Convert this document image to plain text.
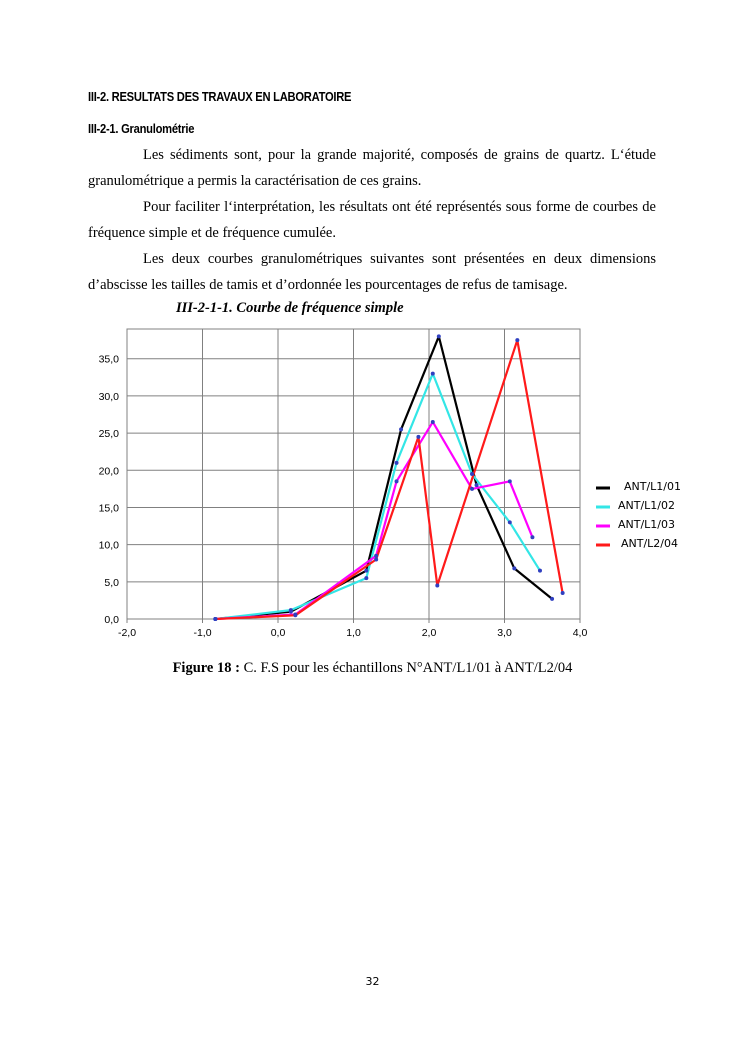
III-2. RESULTATS DES TRAVAUX EN LABORATOIRE
III-2-1. Granulométrie

Les sédiments sont, pour la grande majorité, composés de grains de quartz. L‘étude granulométrique a permis la caractérisation de ces grains.

Pour faciliter l‘interprétation, les résultats ont été représentés sous forme de courbes de fréquence simple et de fréquence cumulée.

Les deux courbes granulométriques suivantes sont présentées en deux dimensions d’abscisse les tailles de tamis et d’ordonnée les pourcentages de refus de tamisage.

III-2-1-1. Courbe de fréquence simple
0,0
5,0
10,0
15,0
20,0
25,0
30,0
35,0
-2,0	-1,0	0,0	1,0	2,0	3,0	4,0
ANT/L1/01
ANT/L1/02
ANT/L1/03
ANT/L2/04
Figure 18 : C. F.S pour les échantillons N°ANT/L1/01 à ANT/L2/04
32
